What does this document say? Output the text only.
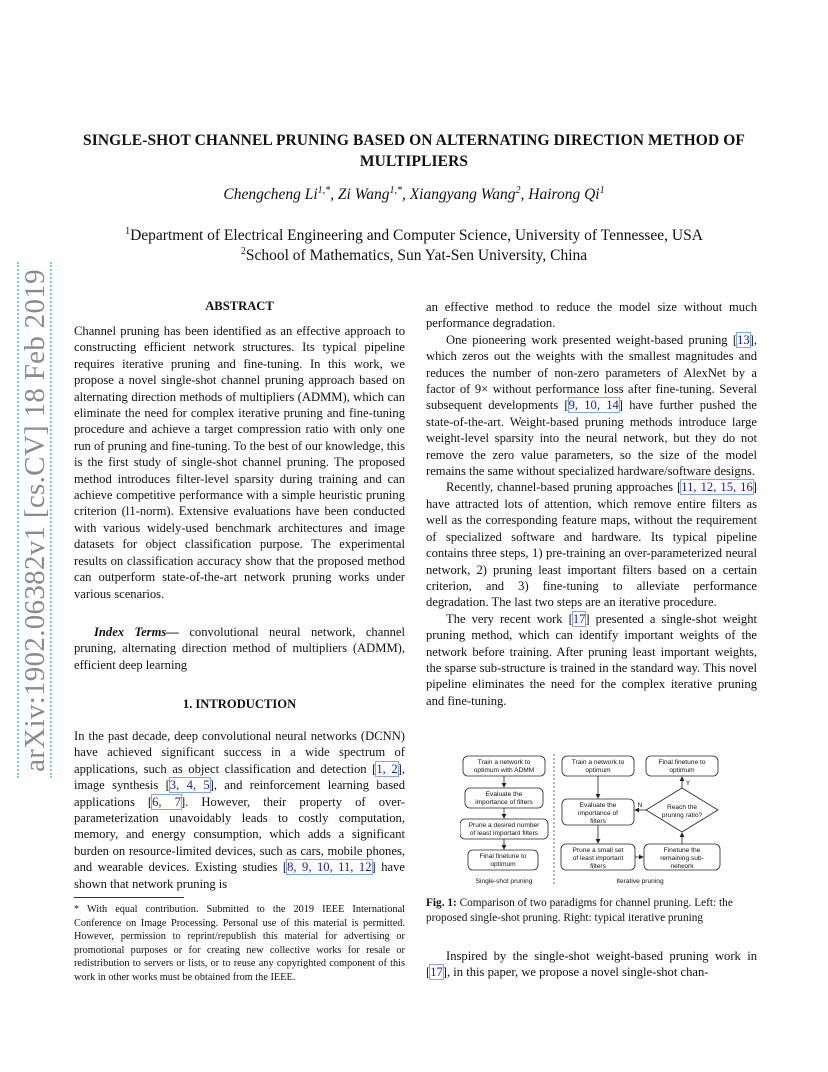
arXiv:1902.06382v1 [cs.CV] 18 Feb 2019
SINGLE-SHOT CHANNEL PRUNING BASED ON ALTERNATING DIRECTION METHOD OF MULTIPLIERS
Chengcheng $Li^{1,*}$, Zi Wang$^{1,*}$, Xiangyang Wang$^2$, Hairong Qi$^1$
$^1$Department of Electrical Engineering and Computer Science, University of Tennessee, USA
$^2$School of Mathematics, Sun Yat-Sen University, China
ABSTRACT

Channel pruning has been identified as an effective approach to constructing efficient network structures. Its typical pipeline requires iterative pruning and fine-tuning. In this work, we propose a novel single-shot channel pruning approach based on alternating direction methods of multipliers (ADMM), which can eliminate the need for complex iterative pruning and fine-tuning procedure and achieve a target compression ratio with only one run of pruning and fine-tuning. To the best of our knowledge, this is the first study of single-shot channel pruning. The proposed method introduces filter-level sparsity during training and can achieve competitive performance with a simple heuristic pruning criterion (l1-norm). Extensive evaluations have been conducted with various widely-used benchmark architectures and image datasets for object classification purpose. The experimental results on classification accuracy show that the proposed method can outperform state-of-the-art network pruning works under various scenarios.

Index Terms— convolutional neural network, channel pruning, alternating direction method of multipliers (ADMM), efficient deep learning

1. INTRODUCTION

In the past decade, deep convolutional neural networks (DCNN) have achieved significant success in a wide spectrum of applications, such as object classification and detection [1, 2], image synthesis [3, 4, 5], and reinforcement learning based applications [6, 7]. However, their property of over-parameterization unavoidably leads to costly computation, memory, and energy consumption, which adds a significant burden on resource-limited devices, such as cars, mobile phones, and wearable devices. Existing studies [8, 9, 10, 11, 12] have shown that network pruning is

* With equal contribution. Submitted to the 2019 IEEE International Conference on Image Processing. Personal use of this material is permitted. However, permission to reprint/republish this material for advertising or promotional purposes or for creating new collective works for resale or redistribution to servers or lists, or to reuse any copyrighted component of this work in other works must be obtained from the IEEE.

an effective method to reduce the model size without much performance degradation.

One pioneering work presented weight-based pruning [13], which zeros out the weights with the smallest magnitudes and reduces the number of non-zero parameters of AlexNet by a factor of 9× without performance loss after fine-tuning. Several subsequent developments [9, 10, 14] have further pushed the state-of-the-art. Weight-based pruning methods introduce large weight-level sparsity into the neural network, but they do not remove the zero value parameters, so the size of the model remains the same without specialized hardware/software designs.

Recently, channel-based pruning approaches [11, 12, 15, 16] have attracted lots of attention, which remove entire filters as well as the corresponding feature maps, without the requirement of specialized software and hardware. Its typical pipeline contains three steps, 1) pre-training an over-parameterized neural network, 2) pruning least important filters based on a certain criterion, and 3) fine-tuning to alleviate performance degradation. The last two steps are an iterative procedure.

The very recent work [17] presented a single-shot weight pruning method, which can identify important weights of the network before training. After pruning least important weights, the sparse sub-structure is trained in the standard way. This novel pipeline eliminates the need for the complex iterative pruning and fine-tuning.

Train a network to
optimum with ADMM
Evaluate the
importance of filters
Prune a desired number
of least important filters
Final finetune to
optimum
Single-shot pruning
Train a network to
optimum
Evaluate the
importance of
filters
Prune a small set
of least important
filters
Finetune the
remaining sub-
network
Final finetune to
optimum
Reach the
pruning ratio?
Y
N
Iterative pruning
Fig. 1: Comparison of two paradigms for channel pruning. Left: the proposed single-shot pruning. Right: typical iterative pruning

Inspired by the single-shot weight-based pruning work in [17], in this paper, we propose a novel single-shot chan-
